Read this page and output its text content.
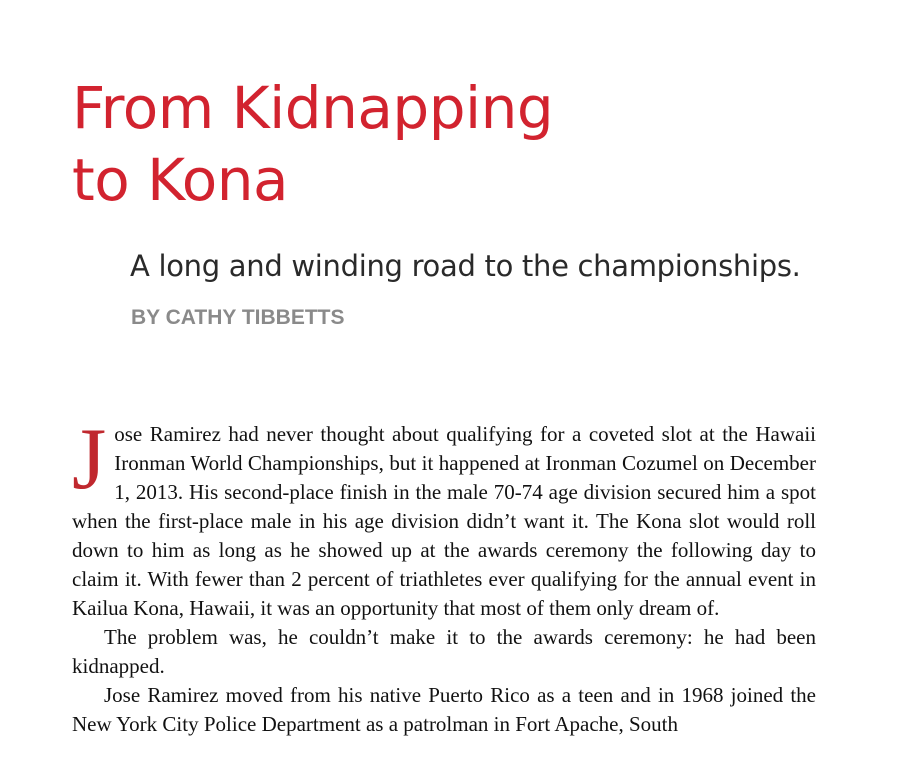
From Kidnapping
to Kona
A long and winding road to the championships.
BY CATHY TIBBETTS

Jose Ramirez had never thought about qualifying for a coveted slot at the Hawaii Ironman World Championships, but it happened at Ironman Cozumel on December 1, 2013. His second-place finish in the male 70-74 age division secured him a spot when the first-place male in his age division didn’t want it. The Kona slot would roll down to him as long as he showed up at the awards ceremony the following day to claim it. With fewer than 2 percent of triathletes ever qualifying for the annual event in Kailua Kona, Hawaii, it was an opportunity that most of them only dream of.

The problem was, he couldn’t make it to the awards ceremony: he had been kidnapped.

Jose Ramirez moved from his native Puerto Rico as a teen and in 1968 joined the New York City Police Department as a patrolman in Fort Apache, South
